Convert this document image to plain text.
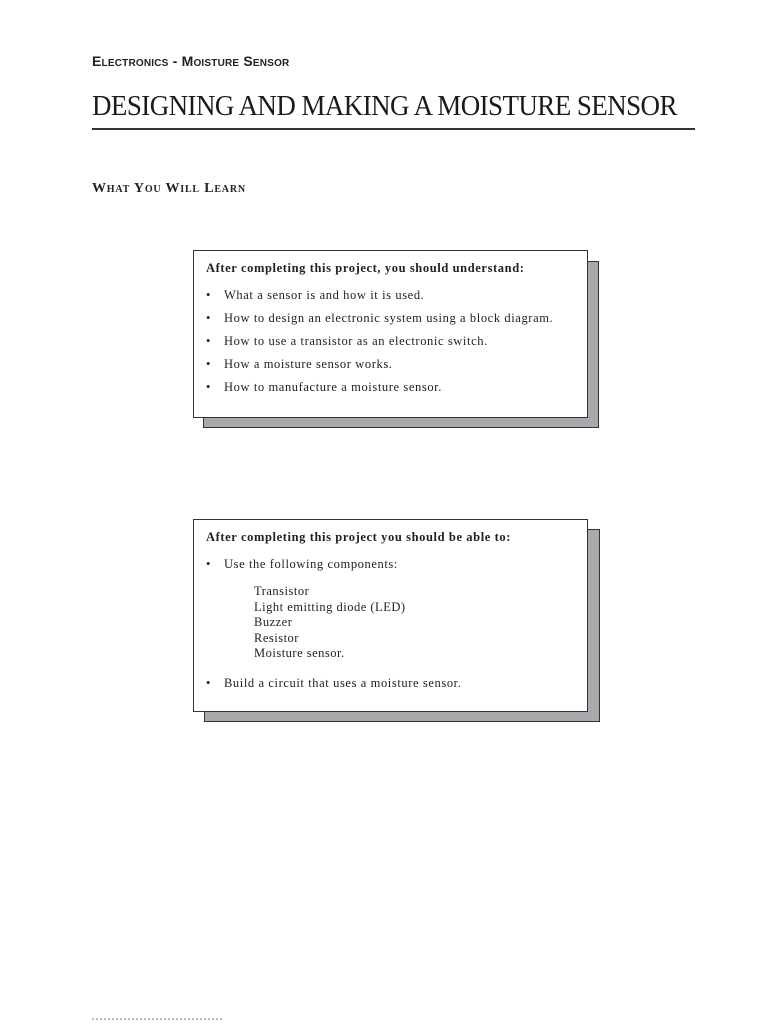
Electronics - Moisture Sensor
DESIGNING AND MAKING A MOISTURE SENSOR
What You Will Learn
After completing this project, you should understand:
• What a sensor is and how it is used.
• How to design an electronic system using a block diagram.
• How to use a transistor as an electronic switch.
• How a moisture sensor works.
• How to manufacture a moisture sensor.
After completing this project you should be able to:
• Use the following components:
Transistor
Light emitting diode (LED)
Buzzer
Resistor
Moisture sensor.
• Build a circuit that uses a moisture sensor.
